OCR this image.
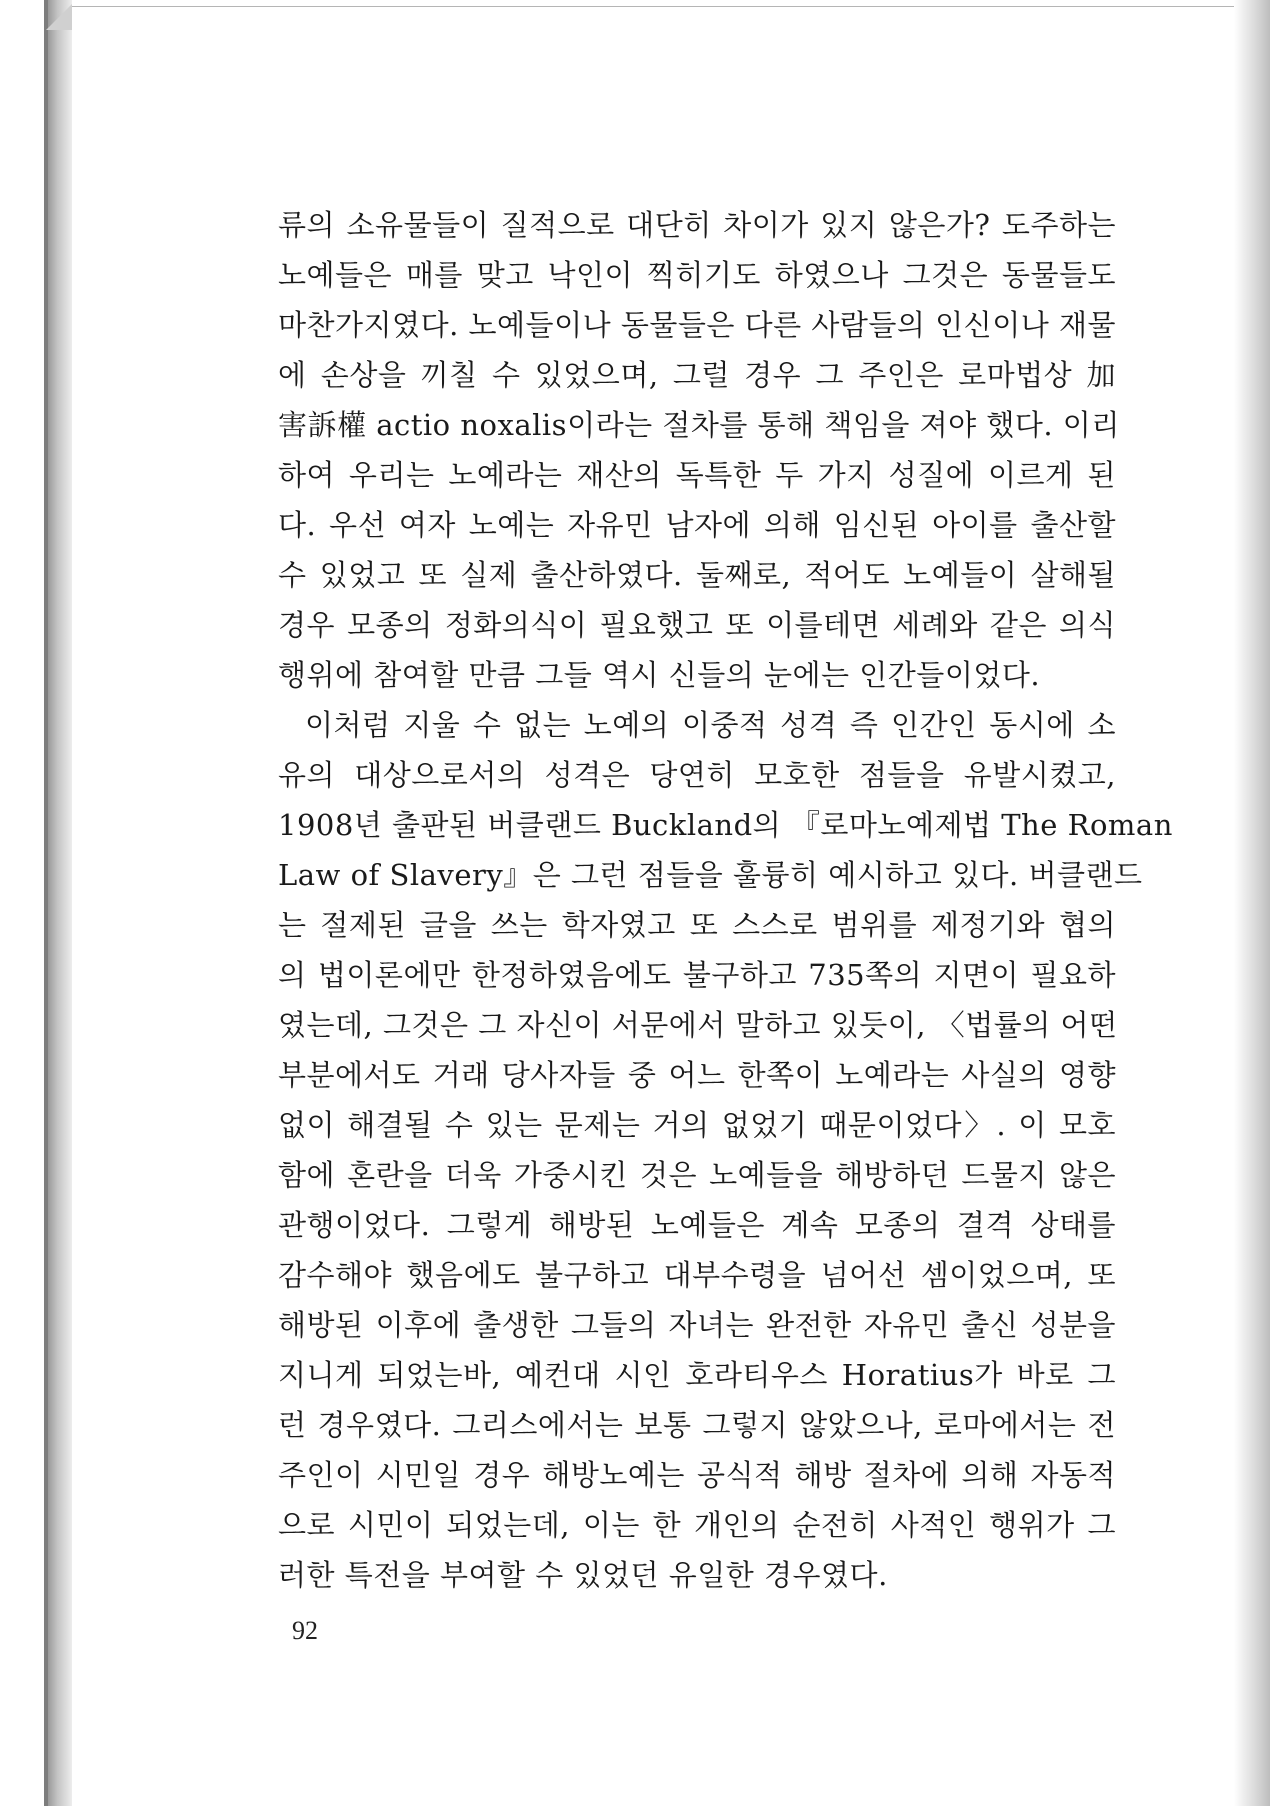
류의 소유물들이 질적으로 대단히 차이가 있지 않은가? 도주하는
노예들은 매를 맞고 낙인이 찍히기도 하였으나 그것은 동물들도
마찬가지였다. 노예들이나 동물들은 다른 사람들의 인신이나 재물
에 손상을 끼칠 수 있었으며, 그럴 경우 그 주인은 로마법상 加
害訴權 actio noxalis이라는 절차를 통해 책임을 져야 했다. 이리
하여 우리는 노예라는 재산의 독특한 두 가지 성질에 이르게 된
다. 우선 여자 노예는 자유민 남자에 의해 임신된 아이를 출산할
수 있었고 또 실제 출산하였다. 둘째로, 적어도 노예들이 살해될
경우 모종의 정화의식이 필요했고 또 이를테면 세례와 같은 의식
행위에 참여할 만큼 그들 역시 신들의 눈에는 인간들이었다.
이처럼 지울 수 없는 노예의 이중적 성격 즉 인간인 동시에 소
유의 대상으로서의 성격은 당연히 모호한 점들을 유발시켰고,
1908년 출판된 버클랜드 Buckland의 『로마노예제법 The Roman
Law of Slavery』은 그런 점들을 훌륭히 예시하고 있다. 버클랜드
는 절제된 글을 쓰는 학자였고 또 스스로 범위를 제정기와 협의
의 법이론에만 한정하였음에도 불구하고 735쪽의 지면이 필요하
였는데, 그것은 그 자신이 서문에서 말하고 있듯이, 〈법률의 어떤
부분에서도 거래 당사자들 중 어느 한쪽이 노예라는 사실의 영향
없이 해결될 수 있는 문제는 거의 없었기 때문이었다〉. 이 모호
함에 혼란을 더욱 가중시킨 것은 노예들을 해방하던 드물지 않은
관행이었다. 그렇게 해방된 노예들은 계속 모종의 결격 상태를
감수해야 했음에도 불구하고 대부수령을 넘어선 셈이었으며, 또
해방된 이후에 출생한 그들의 자녀는 완전한 자유민 출신 성분을
지니게 되었는바, 예컨대 시인 호라티우스 Horatius가 바로 그
런 경우였다. 그리스에서는 보통 그렇지 않았으나, 로마에서는 전
주인이 시민일 경우 해방노예는 공식적 해방 절차에 의해 자동적
으로 시민이 되었는데, 이는 한 개인의 순전히 사적인 행위가 그
러한 특전을 부여할 수 있었던 유일한 경우였다.
92
